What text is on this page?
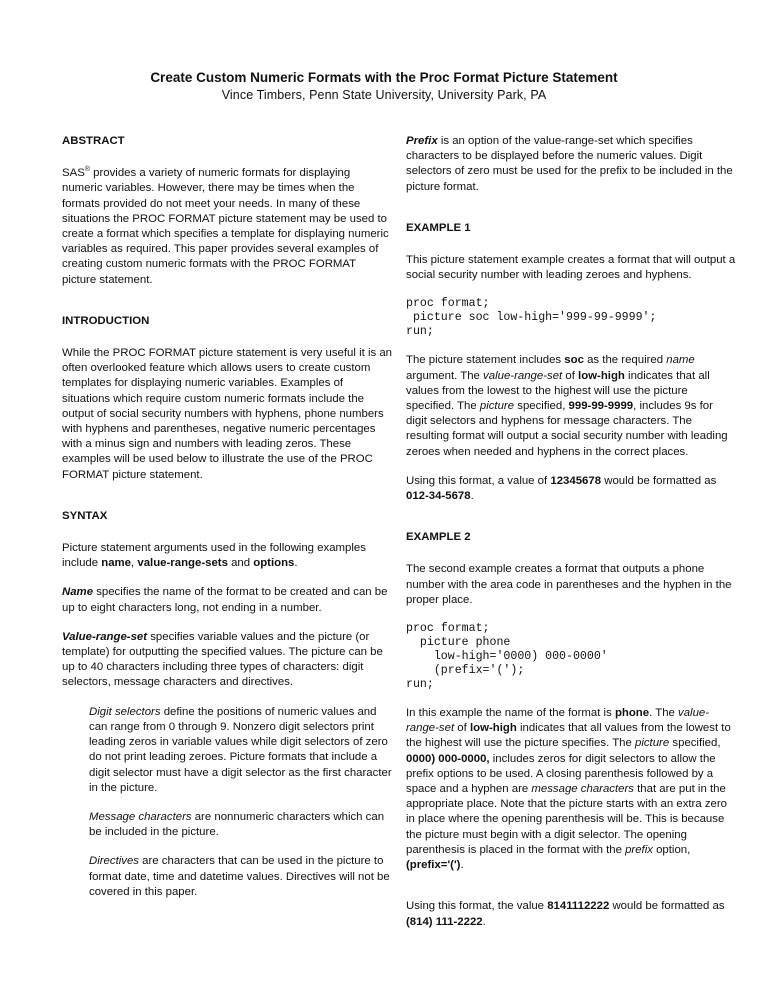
Create Custom Numeric Formats with the Proc Format Picture Statement
Vince Timbers, Penn State University, University Park, PA

ABSTRACT

SAS® provides a variety of numeric formats for displaying numeric variables. However, there may be times when the formats provided do not meet your needs. In many of these situations the PROC FORMAT picture statement may be used to create a format which specifies a template for displaying numeric variables as required. This paper provides several examples of creating custom numeric formats with the PROC FORMAT picture statement.

INTRODUCTION

While the PROC FORMAT picture statement is very useful it is an often overlooked feature which allows users to create custom templates for displaying numeric variables. Examples of situations which require custom numeric formats include the output of social security numbers with hyphens, phone numbers with hyphens and parentheses, negative numeric percentages with a minus sign and numbers with leading zeros. These examples will be used below to illustrate the use of the PROC FORMAT picture statement.

SYNTAX

Picture statement arguments used in the following examples include name, value-range-sets and options.

Name specifies the name of the format to be created and can be up to eight characters long, not ending in a number.

Value-range-set specifies variable values and the picture (or template) for outputting the specified values. The picture can be up to 40 characters including three types of characters: digit selectors, message characters and directives.

Digit selectors define the positions of numeric values and can range from 0 through 9. Nonzero digit selectors print leading zeros in variable values while digit selectors of zero do not print leading zeroes. Picture formats that include a digit selector must have a digit selector as the first character in the picture.

Message characters are nonnumeric characters which can be included in the picture.

Directives are characters that can be used in the picture to format date, time and datetime values. Directives will not be covered in this paper.

Prefix is an option of the value-range-set which specifies characters to be displayed before the numeric values. Digit selectors of zero must be used for the prefix to be included in the picture format.

EXAMPLE 1

This picture statement example creates a format that will output a social security number with leading zeroes and hyphens.

proc format;
picture soc low-high='999-99-9999';
run;

The picture statement includes soc as the required name argument. The value-range-set of low-high indicates that all values from the lowest to the highest will use the picture specified. The picture specified, 999-99-9999, includes 9s for digit selectors and hyphens for message characters. The resulting format will output a social security number with leading zeroes when needed and hyphens in the correct places.

Using this format, a value of 12345678 would be formatted as 012-34-5678.

EXAMPLE 2

The second example creates a format that outputs a phone number with the area code in parentheses and the hyphen in the proper place.

proc format;
picture phone
low-high='0000) 000-0000'
(prefix='(');
run;

In this example the name of the format is phone. The value-range-set of low-high indicates that all values from the lowest to the highest will use the picture specifies. The picture specified, 0000) 000-0000, includes zeros for digit selectors to allow the prefix options to be used. A closing parenthesis followed by a space and a hyphen are message characters that are put in the appropriate place. Note that the picture starts with an extra zero in place where the opening parenthesis will be. This is because the picture must begin with a digit selector. The opening parenthesis is placed in the format with the prefix option, (prefix='(').

Using this format, the value 8141112222 would be formatted as (814) 111-2222.
